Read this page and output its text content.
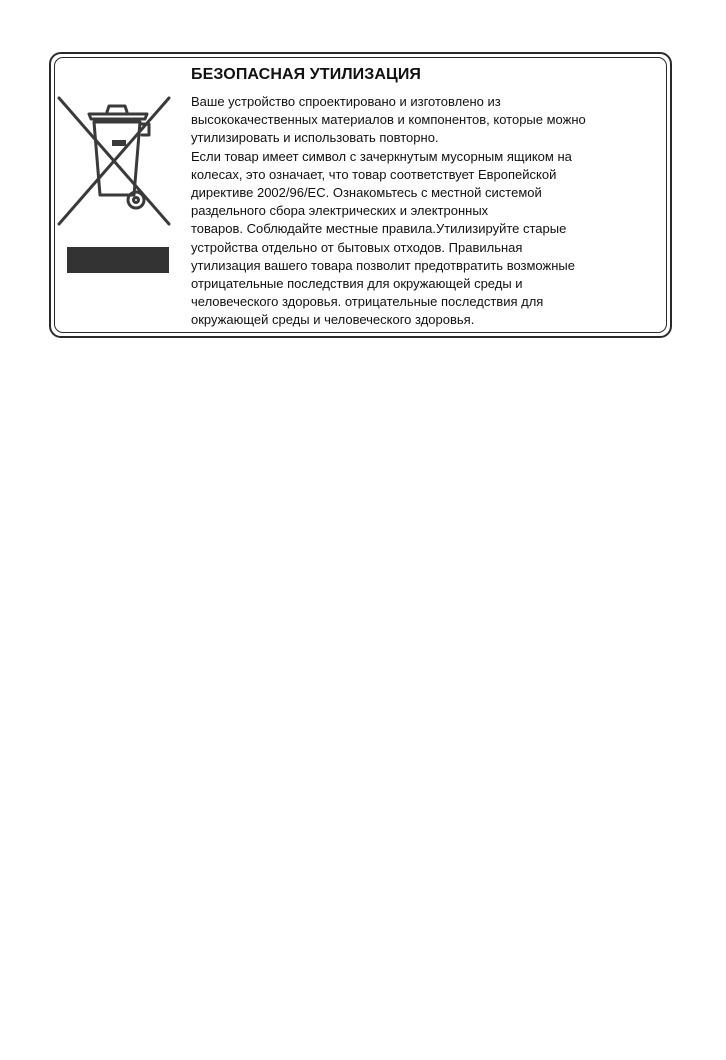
БЕЗОПАСНАЯ УТИЛИЗАЦИЯ

Ваше устройство спроектировано и изготовлено из

высококачественных материалов и компонентов, которые можно

утилизировать и использовать повторно.

Если товар имеет символ с зачеркнутым мусорным ящиком на

колесах, это означает, что товар соответствует Европейской

директиве 2002/96/EC. Ознакомьтесь с местной системой

раздельного сбора электрических и электронных

товаров. Соблюдайте местные правила.Утилизируйте старые

устройства отдельно от бытовых отходов. Правильная

утилизация вашего товара позволит предотвратить возможные

отрицательные последствия для окружающей среды и

человеческого здоровья. отрицательные последствия для

окружающей среды и человеческого здоровья.
